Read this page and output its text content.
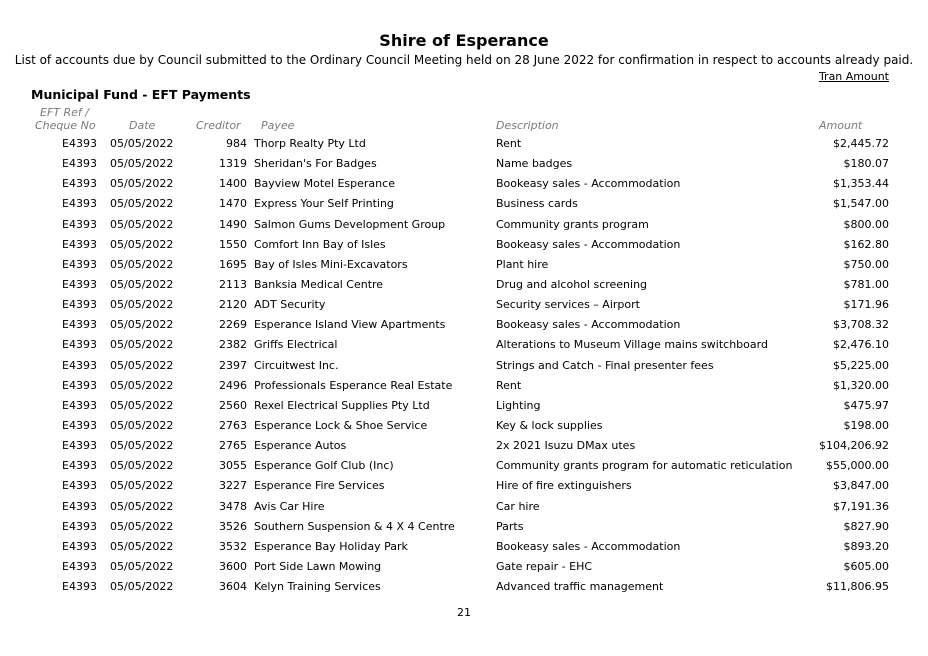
Shire of Esperance
List of accounts due by Council submitted to the Ordinary Council Meeting held on 28 June 2022 for confirmation in respect to accounts already paid.
Tran Amount
Municipal Fund - EFT Payments
EFT Ref /
Cheque No	Date	Creditor Payee	Description	Amount
E4393 05/05/2022	984 Thorp Realty Pty Ltd	Rent	$2,445.72
E4393 05/05/2022	1319 Sheridan's For Badges	Name badges	$180.07
E4393 05/05/2022	1400 Bayview Motel Esperance	Bookeasy sales - Accommodation	$1,353.44
E4393 05/05/2022	1470 Express Your Self Printing	Business cards	$1,547.00
E4393 05/05/2022	1490 Salmon Gums Development Group	Community grants program	$800.00
E4393 05/05/2022	1550 Comfort Inn Bay of Isles	Bookeasy sales - Accommodation	$162.80
E4393 05/05/2022	1695 Bay of Isles Mini-Excavators	Plant hire	$750.00
E4393 05/05/2022	2113 Banksia Medical Centre	Drug and alcohol screening	$781.00
E4393 05/05/2022	2120 ADT Security	Security services – Airport	$171.96
E4393 05/05/2022	2269 Esperance Island View Apartments	Bookeasy sales - Accommodation	$3,708.32
E4393 05/05/2022	2382 Griffs Electrical	Alterations to Museum Village mains switchboard	$2,476.10
E4393 05/05/2022	2397 Circuitwest Inc.	Strings and Catch - Final presenter fees	$5,225.00
E4393 05/05/2022	2496 Professionals Esperance Real Estate	Rent	$1,320.00
E4393 05/05/2022	2560 Rexel Electrical Supplies Pty Ltd	Lighting	$475.97
E4393 05/05/2022	2763 Esperance Lock & Shoe Service	Key & lock supplies	$198.00
E4393 05/05/2022	2765 Esperance Autos	2x 2021 Isuzu DMax utes	$104,206.92
E4393 05/05/2022	3055 Esperance Golf Club (Inc)	Community grants program for automatic reticulation	$55,000.00
E4393 05/05/2022	3227 Esperance Fire Services	Hire of fire extinguishers	$3,847.00
E4393 05/05/2022	3478 Avis Car Hire	Car hire	$7,191.36
E4393 05/05/2022	3526 Southern Suspension & 4 X 4 Centre	Parts	$827.90
E4393 05/05/2022	3532 Esperance Bay Holiday Park	Bookeasy sales - Accommodation	$893.20
E4393 05/05/2022	3600 Port Side Lawn Mowing	Gate repair - EHC	$605.00
E4393 05/05/2022	3604 Kelyn Training Services	Advanced traffic management	$11,806.95
21
